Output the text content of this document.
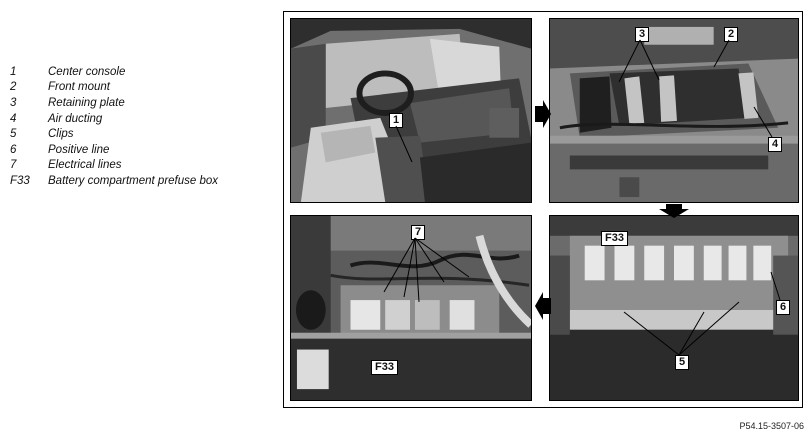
1	Center console
2	Front mount
3	Retaining plate
4	Air ducting
5	Clips
6	Positive line
7	Electrical lines
F33	Battery compartment prefuse box
1
3	2
4
7
F33
F33
5
6
P54.15-3507-06
